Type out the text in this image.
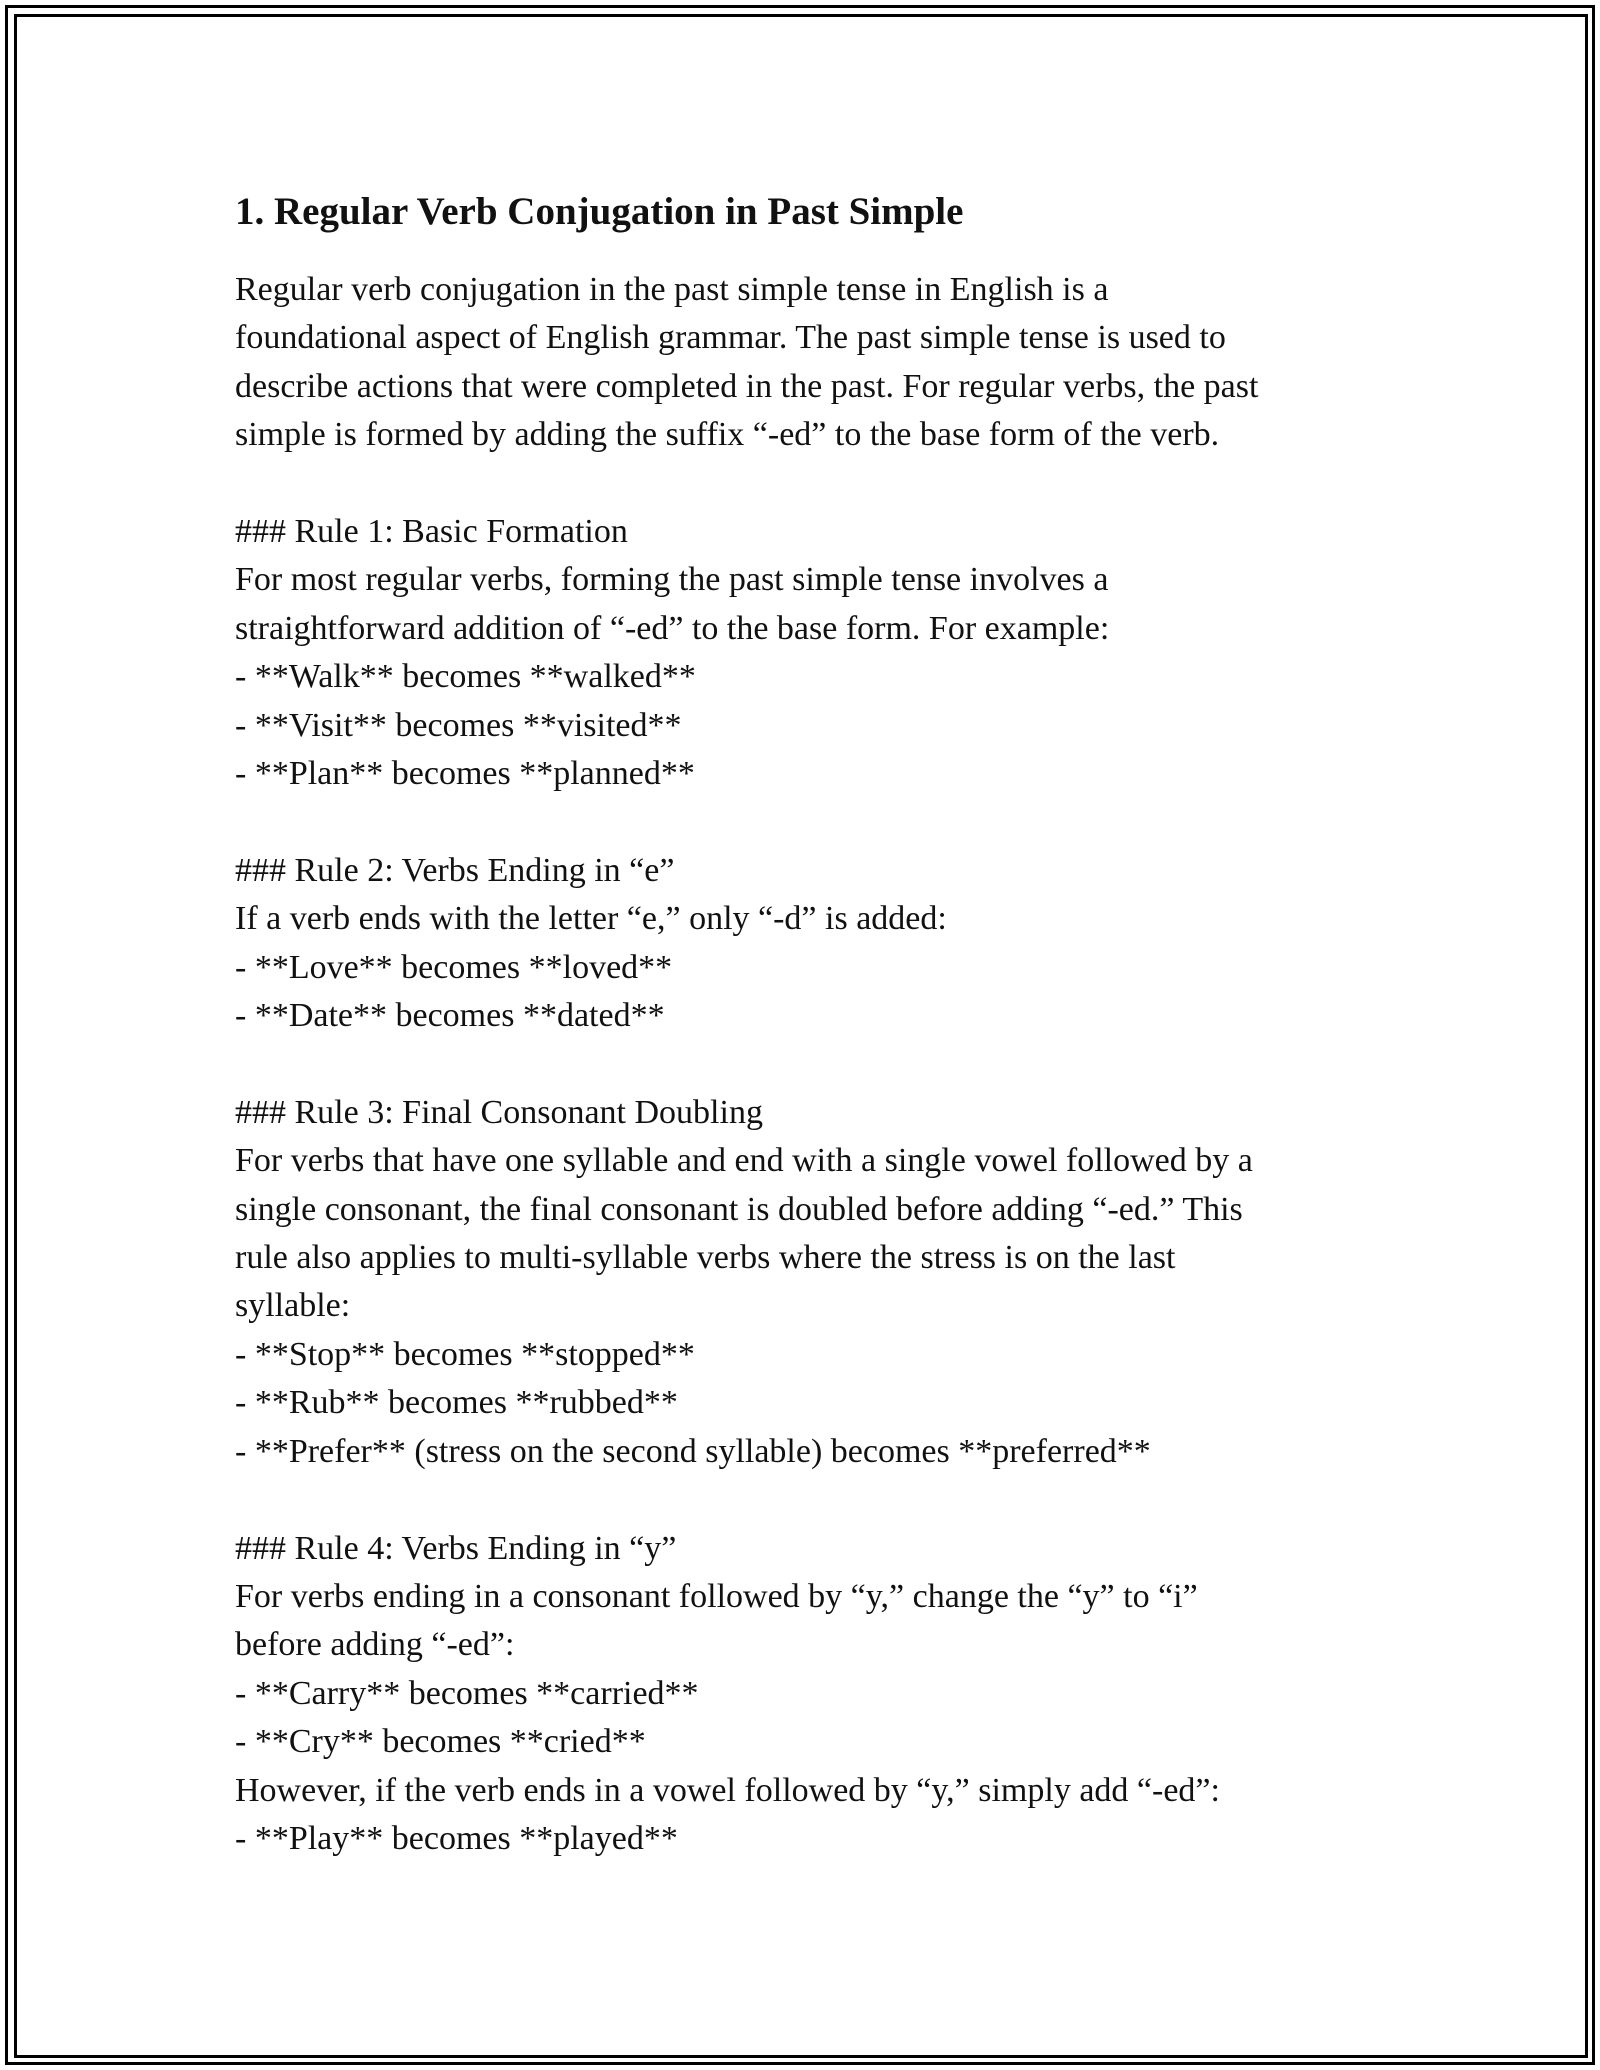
1. Regular Verb Conjugation in Past Simple

Regular verb conjugation in the past simple tense in English is a

foundational aspect of English grammar. The past simple tense is used to

describe actions that were completed in the past. For regular verbs, the past

simple is formed by adding the suffix “-ed” to the base form of the verb.

### Rule 1: Basic Formation

For most regular verbs, forming the past simple tense involves a

straightforward addition of “-ed” to the base form. For example:

- **Walk** becomes **walked**

- **Visit** becomes **visited**

- **Plan** becomes **planned**

### Rule 2: Verbs Ending in “e”

If a verb ends with the letter “e,” only “-d” is added:

- **Love** becomes **loved**

- **Date** becomes **dated**

### Rule 3: Final Consonant Doubling

For verbs that have one syllable and end with a single vowel followed by a

single consonant, the final consonant is doubled before adding “-ed.” This

rule also applies to multi-syllable verbs where the stress is on the last

syllable:

- **Stop** becomes **stopped**

- **Rub** becomes **rubbed**

- **Prefer** (stress on the second syllable) becomes **preferred**

### Rule 4: Verbs Ending in “y”

For verbs ending in a consonant followed by “y,” change the “y” to “i”

before adding “-ed”:

- **Carry** becomes **carried**

- **Cry** becomes **cried**

However, if the verb ends in a vowel followed by “y,” simply add “-ed”:

- **Play** becomes **played**
